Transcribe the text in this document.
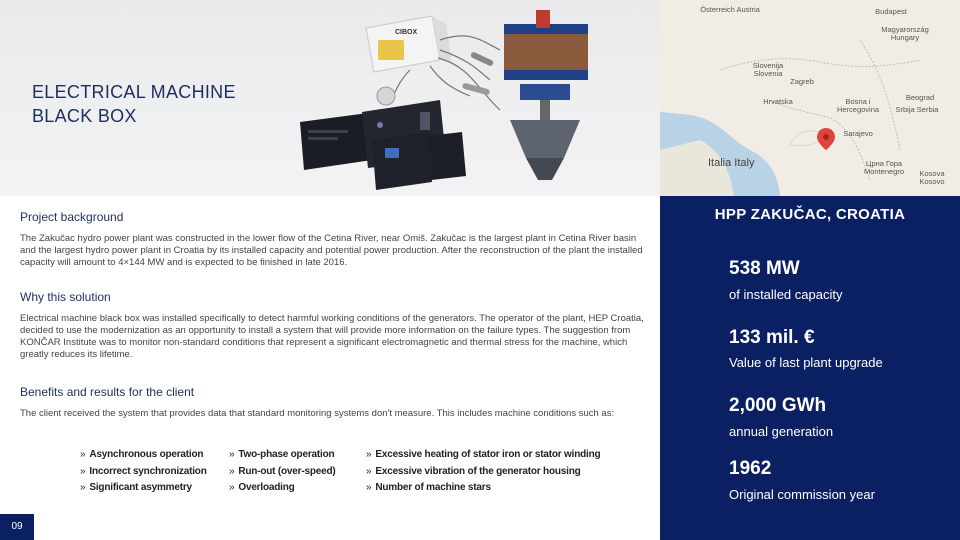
ELECTRICAL MACHINE
BLACK BOX
CIBOX
Österreich Austria	Budapest
Magyarország Hungary
Slovenija Slovenia
Zagreb
Hrvatska	Bosna i Hercegovina	Srbija Serbia
Beograd
Sarajevo
Црна Гора Montenegro	Kosova Kosovo
Italia Italy
Project background
The Zakučac hydro power plant was constructed in the lower flow of the Cetina River, near Omiš. Zakučac is the largest plant in Cetina River basin and the largest hydro power plant in Croatia by its installed capacity and potential power production. After the reconstruction of the plant the installed capacity will amount to 4×144 MW and is expected to be finished in late 2016.
Why this solution
Electrical machine black box was installed specifically to detect harmful working conditions of the generators. The operator of the plant, HEP Croatia, decided to use the modernization as an opportunity to install a system that will provide more information on the failure types. The suggestion from KONČAR Institute was to monitor non-standard conditions that represent a significant electromagnetic and thermal stress for the machine, which greatly reduces its lifetime.
Benefits and results for the client
The client received the system that provides data that standard monitoring systems don't measure. This includes machine conditions such as:
» Asynchronous operation
» Incorrect synchronization
» Significant asymmetry
» Two-phase operation
» Run-out (over-speed)
» Overloading
» Excessive heating of stator iron or stator winding
» Excessive vibration of the generator housing
» Number of machine stars
09
HPP ZAKUČAC, CROATIA
538 MW
of installed capacity
133 mil. €
Value of last plant upgrade
2,000 GWh
annual generation
1962
Original commission year
